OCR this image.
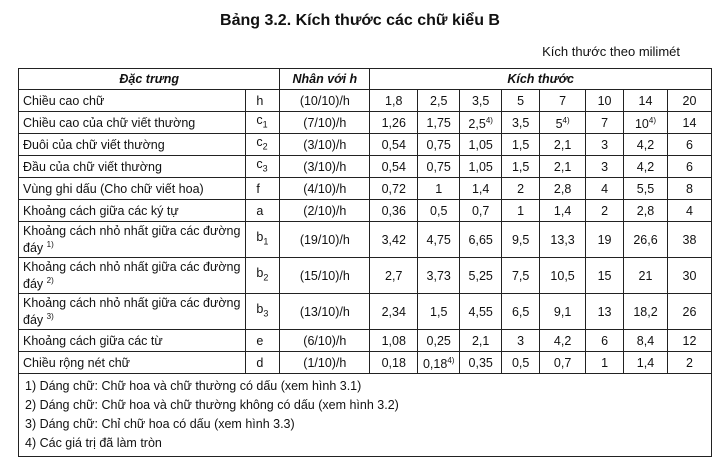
Bảng 3.2. Kích thước các chữ kiểu B
Kích thước theo milimét
Đặc trưng		Nhân với h	Kích thước							
Chiều cao chữ	h	(10/10)/h	1,8	2,5	3,5	5	7	10	14	20
Chiều cao của chữ viết thường	$c_1$	(7/10)/h	1,26	1,75	2,5$^{4)}$	3,5	5$^{4)}$	7	10$^{4)}$	14
Đuôi của chữ viết thường	$c_2$	(3/10)/h	0,54	0,75	1,05	1,5	2,1	3	4,2	6
Đầu của chữ viết thường	$c_3$	(3/10)/h	0,54	0,75	1,05	1,5	2,1	3	4,2	6
Vùng ghi dấu (Cho chữ viết hoa)	f	(4/10)/h	0,72	1	1,4	2	2,8	4	5,5	8
Khoảng cách giữa các ký tự	a	(2/10)/h	0,36	0,5	0,7	1	1,4	2	2,8	4
Khoảng cách nhỏ nhất giữa các đường đáy $^{1)}$	$b_1$	(19/10)/h	3,42	4,75	6,65	9,5	13,3	19	26,6	38
Khoảng cách nhỏ nhất giữa các đường đáy $^{2)}$	$b_2$	(15/10)/h	2,7	3,73	5,25	7,5	10,5	15	21	30
Khoảng cách nhỏ nhất giữa các đường đáy $^{3)}$	$b_3$	(13/10)/h	2,34	1,5	4,55	6,5	9,1	13	18,2	26
Khoảng cách giữa các từ	e	(6/10)/h	1,08	0,25	2,1	3	4,2	6	8,4	12
Chiều rộng nét chữ	d	(1/10)/h	0,18	0,18$^{4)}$	0,35	0,5	0,7	1	1,4	2

1) Dáng chữ: Chữ hoa và chữ thường có dấu (xem hình 3.1)
2) Dáng chữ: Chữ hoa và chữ thường không có dấu (xem hình 3.2)
3) Dáng chữ: Chỉ chữ hoa có dấu (xem hình 3.3)
4) Các giá trị đã làm tròn										
